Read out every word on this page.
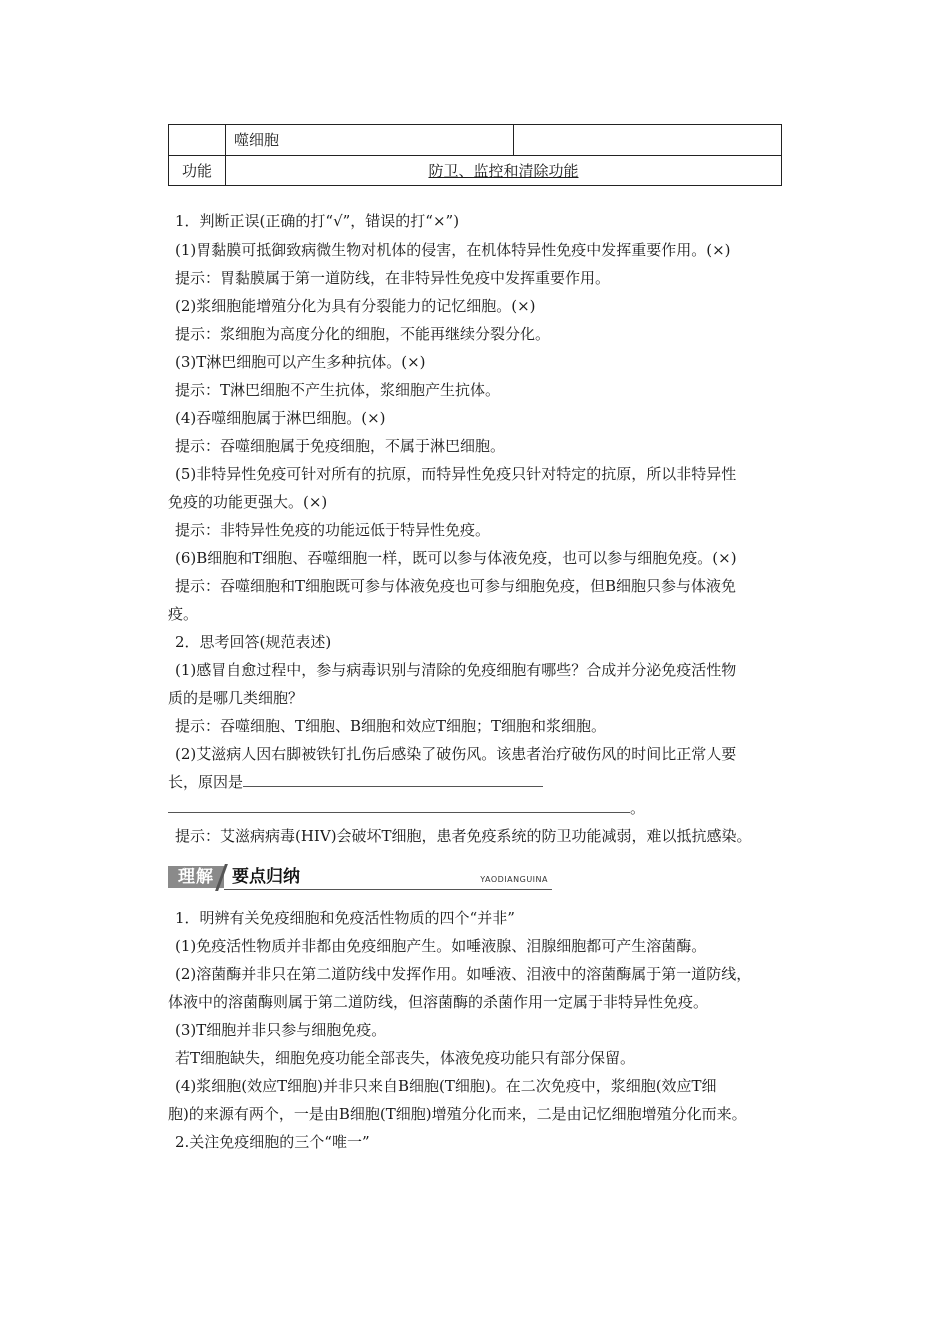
	噬细胞	
功能	防卫、监控和清除功能	
1．判断正误(正确的打“√”，错误的打“×”)
(1)胃黏膜可抵御致病微生物对机体的侵害，在机体特异性免疫中发挥重要作用。(×)
提示：胃黏膜属于第一道防线，在非特异性免疫中发挥重要作用。
(2)浆细胞能增殖分化为具有分裂能力的记忆细胞。(×)
提示：浆细胞为高度分化的细胞，不能再继续分裂分化。
(3)T淋巴细胞可以产生多种抗体。(×)
提示：T淋巴细胞不产生抗体，浆细胞产生抗体。
(4)吞噬细胞属于淋巴细胞。(×)
提示：吞噬细胞属于免疫细胞，不属于淋巴细胞。
(5)非特异性免疫可针对所有的抗原，而特异性免疫只针对特定的抗原，所以非特异性
免疫的功能更强大。(×)
提示：非特异性免疫的功能远低于特异性免疫。
(6)B细胞和T细胞、吞噬细胞一样，既可以参与体液免疫，也可以参与细胞免疫。(×)
提示：吞噬细胞和T细胞既可参与体液免疫也可参与细胞免疫，但B细胞只参与体液免
疫。
2．思考回答(规范表述)
(1)感冒自愈过程中，参与病毒识别与清除的免疫细胞有哪些？合成并分泌免疫活性物
质的是哪几类细胞？
提示：吞噬细胞、T细胞、B细胞和效应T细胞；T细胞和浆细胞。
(2)艾滋病人因右脚被铁钉扎伤后感染了破伤风。该患者治疗破伤风的时间比正常人要
长，原因是
。
提示：艾滋病病毒(HIV)会破坏T细胞，患者免疫系统的防卫功能减弱，难以抵抗感染。
理解	要点归纳	YAODIANGUINA
1．明辨有关免疫细胞和免疫活性物质的四个“并非”
(1)免疫活性物质并非都由免疫细胞产生。如唾液腺、泪腺细胞都可产生溶菌酶。
(2)溶菌酶并非只在第二道防线中发挥作用。如唾液、泪液中的溶菌酶属于第一道防线，
体液中的溶菌酶则属于第二道防线，但溶菌酶的杀菌作用一定属于非特异性免疫。
(3)T细胞并非只参与细胞免疫。
若T细胞缺失，细胞免疫功能全部丧失，体液免疫功能只有部分保留。
(4)浆细胞(效应T细胞)并非只来自B细胞(T细胞)。在二次免疫中，浆细胞(效应T细
胞)的来源有两个，一是由B细胞(T细胞)增殖分化而来，二是由记忆细胞增殖分化而来。
2.关注免疫细胞的三个“唯一”
